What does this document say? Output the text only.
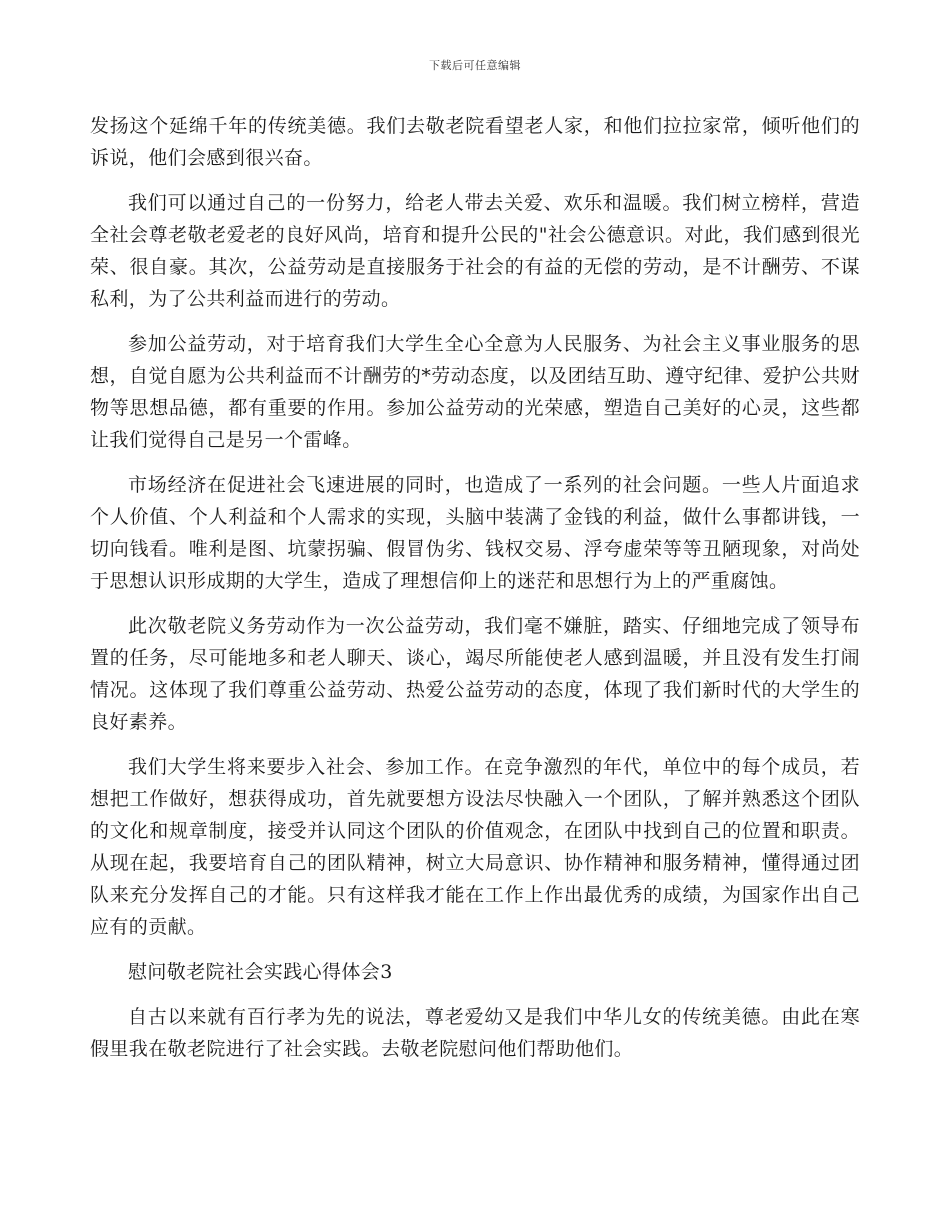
下载后可任意编辑

发扬这个延绵千年的传统美德。我们去敬老院看望老人家，和他们拉拉家常，倾听他们的诉说，他们会感到很兴奋。

我们可以通过自己的一份努力，给老人带去关爱、欢乐和温暖。我们树立榜样，营造全社会尊老敬老爱老的良好风尚，培育和提升公民的"社会公德意识。对此，我们感到很光荣、很自豪。其次，公益劳动是直接服务于社会的有益的无偿的劳动，是不计酬劳、不谋私利，为了公共利益而进行的劳动。

参加公益劳动，对于培育我们大学生全心全意为人民服务、为社会主义事业服务的思想，自觉自愿为公共利益而不计酬劳的*劳动态度，以及团结互助、遵守纪律、爱护公共财物等思想品德，都有重要的作用。参加公益劳动的光荣感，塑造自己美好的心灵，这些都让我们觉得自己是另一个雷峰。

市场经济在促进社会飞速进展的同时，也造成了一系列的社会问题。一些人片面追求个人价值、个人利益和个人需求的实现，头脑中装满了金钱的利益，做什么事都讲钱，一切向钱看。唯利是图、坑蒙拐骗、假冒伪劣、钱权交易、浮夸虚荣等等丑陋现象，对尚处于思想认识形成期的大学生，造成了理想信仰上的迷茫和思想行为上的严重腐蚀。

此次敬老院义务劳动作为一次公益劳动，我们毫不嫌脏，踏实、仔细地完成了领导布置的任务，尽可能地多和老人聊天、谈心，竭尽所能使老人感到温暖，并且没有发生打闹情况。这体现了我们尊重公益劳动、热爱公益劳动的态度，体现了我们新时代的大学生的良好素养。

我们大学生将来要步入社会、参加工作。在竞争激烈的年代，单位中的每个成员，若想把工作做好，想获得成功，首先就要想方设法尽快融入一个团队，了解并熟悉这个团队的文化和规章制度，接受并认同这个团队的价值观念，在团队中找到自己的位置和职责。从现在起，我要培育自己的团队精神，树立大局意识、协作精神和服务精神，懂得通过团队来充分发挥自己的才能。只有这样我才能在工作上作出最优秀的成绩，为国家作出自己应有的贡献。

慰问敬老院社会实践心得体会3

自古以来就有百行孝为先的说法，尊老爱幼又是我们中华儿女的传统美德。由此在寒假里我在敬老院进行了社会实践。去敬老院慰问他们帮助他们。
